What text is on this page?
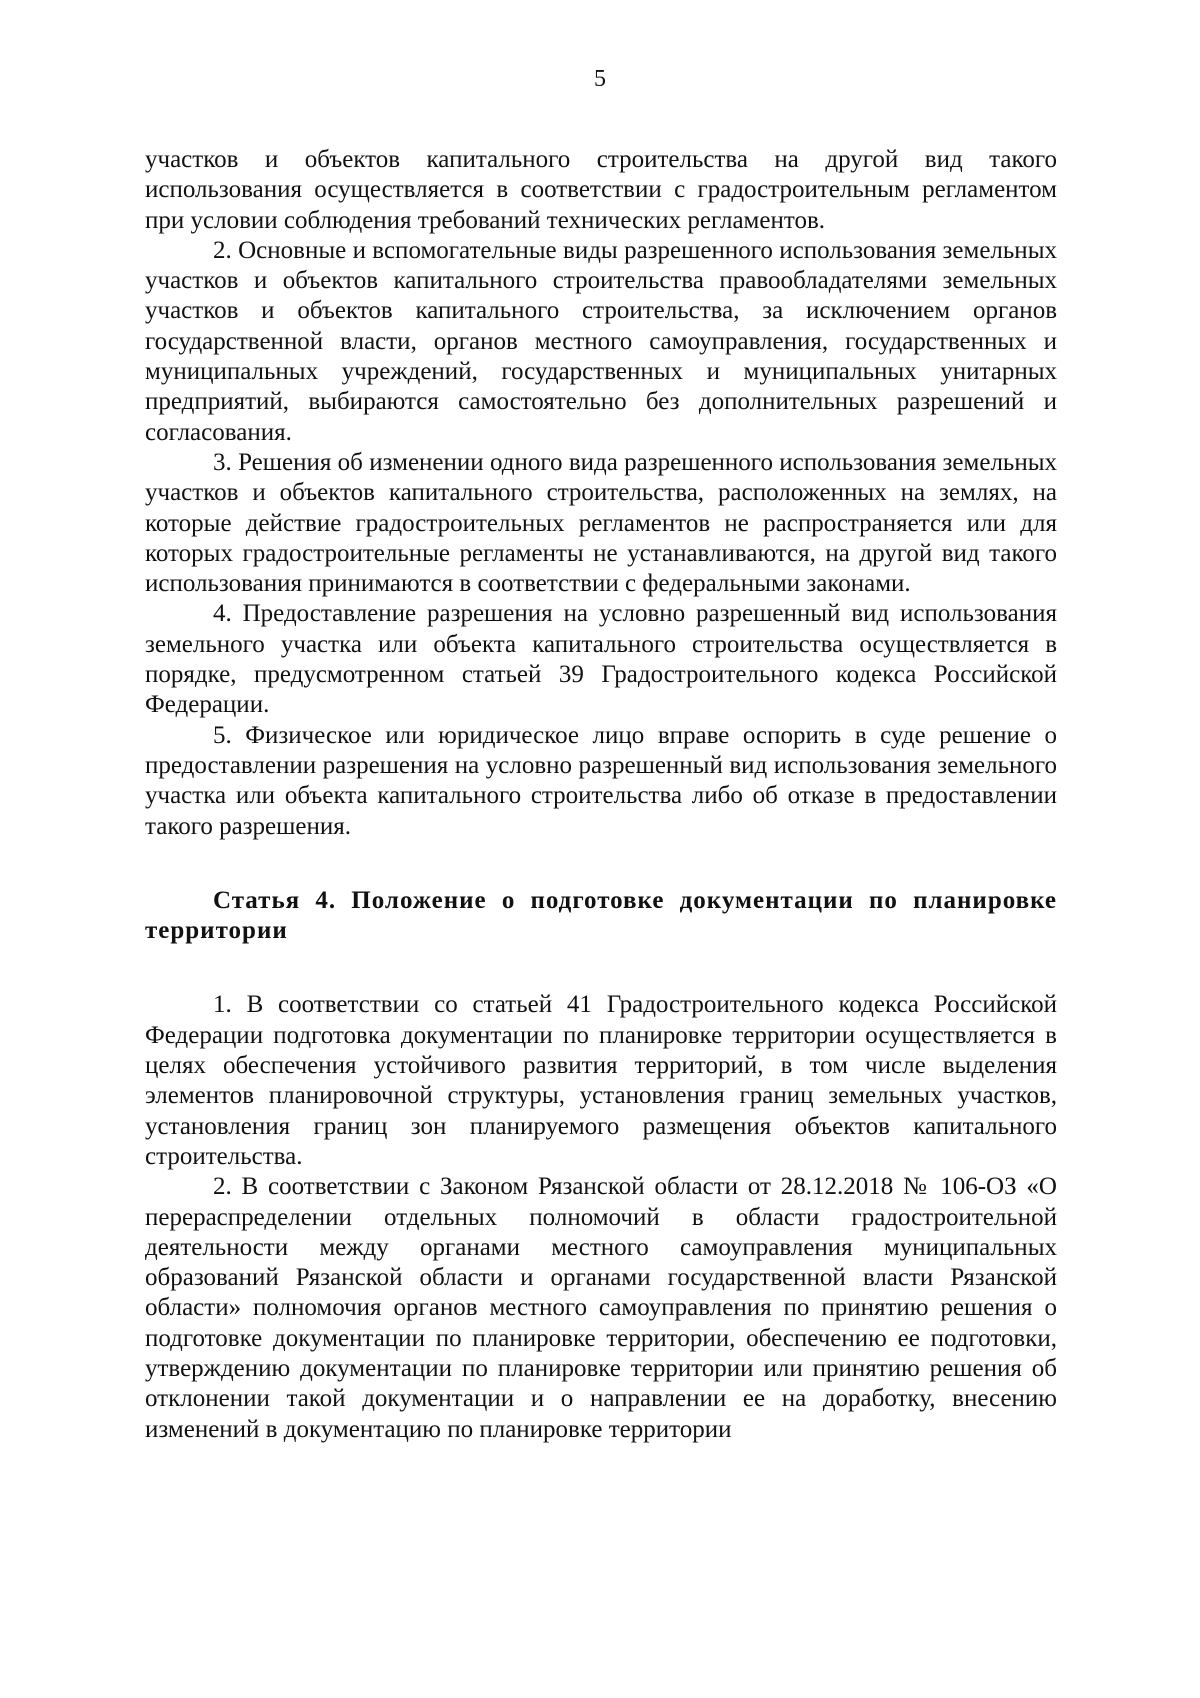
5

участков и объектов капитального строительства на другой вид такого использования осуществляется в соответствии с градостроительным регламентом при условии соблюдения требований технических регламентов.

2. Основные и вспомогательные виды разрешенного использования земельных участков и объектов капитального строительства правообладателями земельных участков и объектов капитального строительства, за исключением органов государственной власти, органов местного самоуправления, государственных и муниципальных учреждений, государственных и муниципальных унитарных предприятий, выбираются самостоятельно без дополнительных разрешений и согласования.

3. Решения об изменении одного вида разрешенного использования земельных участков и объектов капитального строительства, расположенных на землях, на которые действие градостроительных регламентов не распространяется или для которых градостроительные регламенты не устанавливаются, на другой вид такого использования принимаются в соответствии с федеральными законами.

4. Предоставление разрешения на условно разрешенный вид использования земельного участка или объекта капитального строительства осуществляется в порядке, предусмотренном статьей 39 Градостроительного кодекса Российской Федерации.

5. Физическое или юридическое лицо вправе оспорить в суде решение о предоставлении разрешения на условно разрешенный вид использования земельного участка или объекта капитального строительства либо об отказе в предоставлении такого разрешения.

Статья 4. Положение о подготовке документации по планировке территории

1. В соответствии со статьей 41 Градостроительного кодекса Российской Федерации подготовка документации по планировке территории осуществляется в целях обеспечения устойчивого развития территорий, в том числе выделения элементов планировочной структуры, установления границ земельных участков, установления границ зон планируемого размещения объектов капитального строительства.

2. В соответствии с Законом Рязанской области от 28.12.2018 № 106-ОЗ «О перераспределении отдельных полномочий в области градостроительной деятельности между органами местного самоуправления муниципальных образований Рязанской области и органами государственной власти Рязанской области» полномочия органов местного самоуправления по принятию решения о подготовке документации по планировке территории, обеспечению ее подготовки, утверждению документации по планировке территории или принятию решения об отклонении такой документации и о направлении ее на доработку, внесению изменений в документацию по планировке территории
